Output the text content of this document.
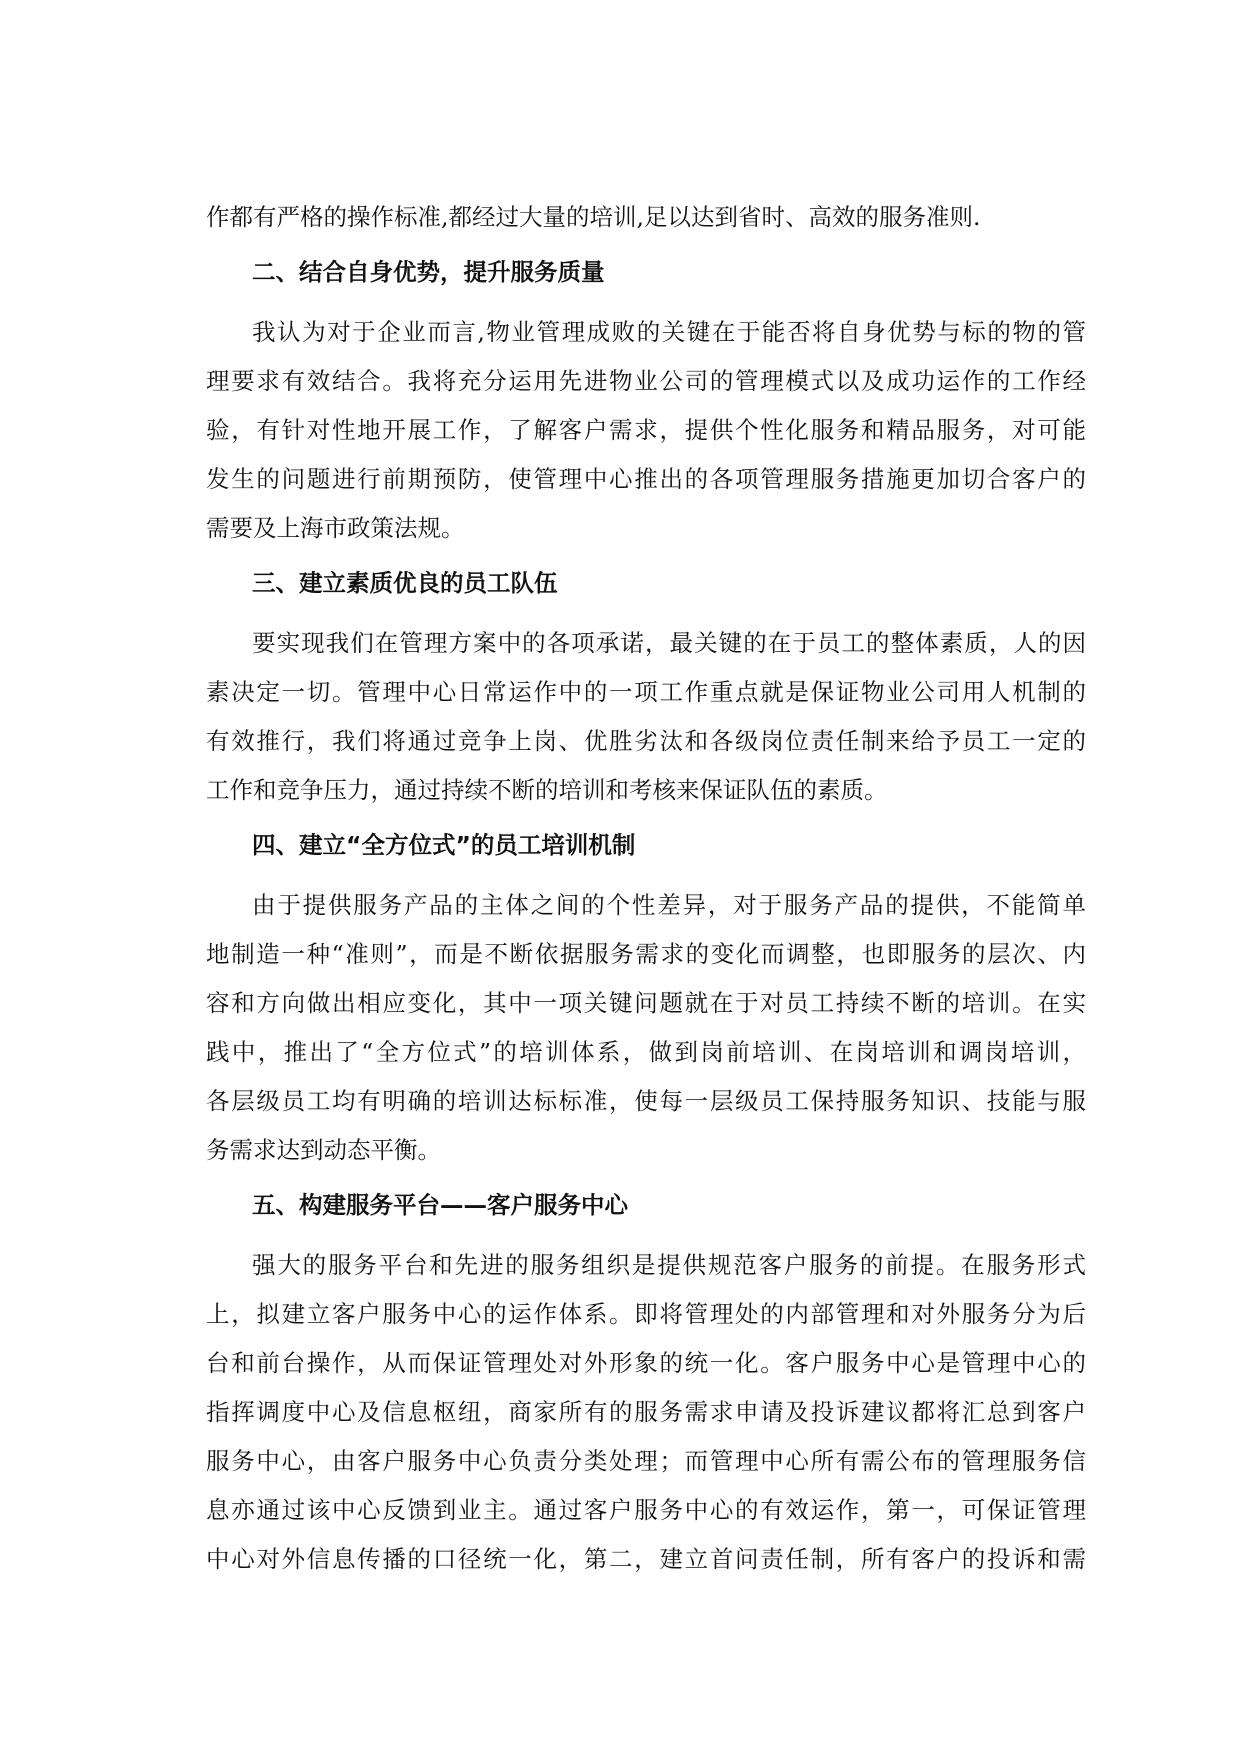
作都有严格的操作标准,都经过大量的培训,足以达到省时、高效的服务准则.
二、结合自身优势，提升服务质量
我认为对于企业而言,物业管理成败的关键在于能否将自身优势与标的物的管
理要求有效结合。我将充分运用先进物业公司的管理模式以及成功运作的工作经
验，有针对性地开展工作，了解客户需求，提供个性化服务和精品服务，对可能
发生的问题进行前期预防，使管理中心推出的各项管理服务措施更加切合客户的
需要及上海市政策法规。
三、建立素质优良的员工队伍
要实现我们在管理方案中的各项承诺，最关键的在于员工的整体素质，人的因
素决定一切。管理中心日常运作中的一项工作重点就是保证物业公司用人机制的
有效推行，我们将通过竞争上岗、优胜劣汰和各级岗位责任制来给予员工一定的
工作和竞争压力，通过持续不断的培训和考核来保证队伍的素质。
四、建立“全方位式”的员工培训机制
由于提供服务产品的主体之间的个性差异，对于服务产品的提供，不能简单
地制造一种“准则”，而是不断依据服务需求的变化而调整，也即服务的层次、内
容和方向做出相应变化，其中一项关键问题就在于对员工持续不断的培训。在实
践中，推出了“全方位式”的培训体系，做到岗前培训、在岗培训和调岗培训，
各层级员工均有明确的培训达标标准，使每一层级员工保持服务知识、技能与服
务需求达到动态平衡。
五、构建服务平台——客户服务中心
强大的服务平台和先进的服务组织是提供规范客户服务的前提。在服务形式
上，拟建立客户服务中心的运作体系。即将管理处的内部管理和对外服务分为后
台和前台操作，从而保证管理处对外形象的统一化。客户服务中心是管理中心的
指挥调度中心及信息枢纽，商家所有的服务需求申请及投诉建议都将汇总到客户
服务中心，由客户服务中心负责分类处理；而管理中心所有需公布的管理服务信
息亦通过该中心反馈到业主。通过客户服务中心的有效运作，第一，可保证管理
中心对外信息传播的口径统一化，第二，建立首问责任制，所有客户的投诉和需
